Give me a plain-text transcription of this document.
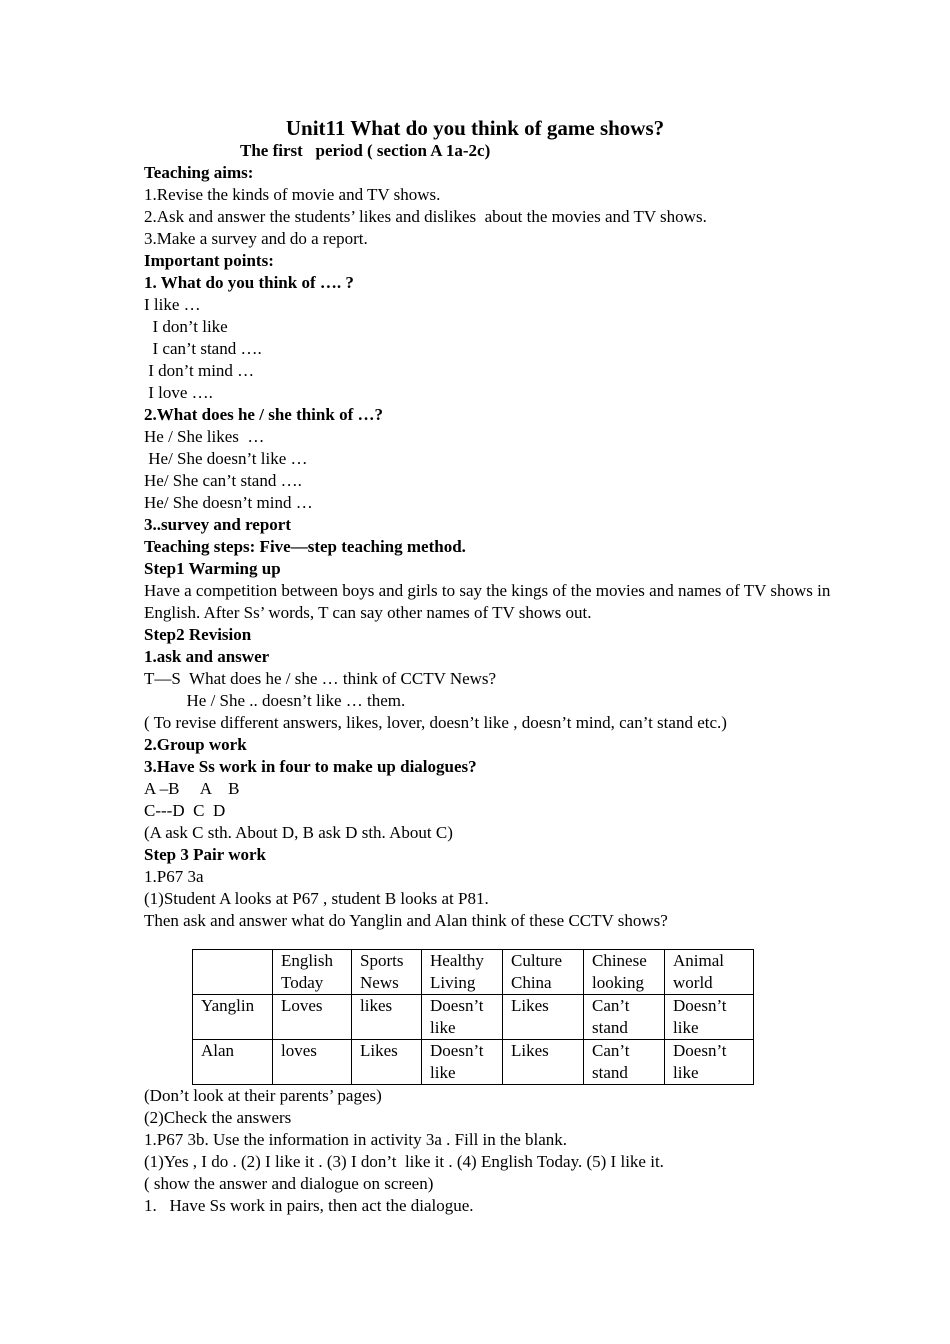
Unit11 What do you think of game shows?
The first   period ( section A 1a-2c)
Teaching aims:
1.Revise the kinds of movie and TV shows.
2.Ask and answer the students’ likes and dislikes  about the movies and TV shows.
3.Make a survey and do a report.
Important points:
1. What do you think of …. ?
I like …
I don’t like
I can’t stand ….
I don’t mind …
I love ….
2.What does he / she think of …?
He / She likes  …
He/ She doesn’t like …
He/ She can’t stand ….
He/ She doesn’t mind …
3..survey and report
Teaching steps: Five—step teaching method.
Step1 Warming up
Have a competition between boys and girls to say the kings of the movies and names of TV shows in English. After Ss’ words, T can say other names of TV shows out.
Step2 Revision
1.ask and answer
T—S  What does he / she … think of CCTV News?
He / She .. doesn’t like … them.
( To revise different answers, likes, lover, doesn’t like , doesn’t mind, can’t stand etc.)
2.Group work
3.Have Ss work in four to make up dialogues?
A –B     A    B
C---D  C  D
(A ask C sth. About D, B ask D sth. About C)
Step 3 Pair work
1.P67 3a
(1)Student A looks at P67 , student B looks at P81.
Then ask and answer what do Yanglin and Alan think of these CCTV shows?
	English Today	Sports News	Healthy Living	Culture China	Chinese looking	Animal world
Yanglin	Loves	likes	Doesn’t like	Likes	Can’t stand	Doesn’t like
Alan	loves	Likes	Doesn’t like	Likes	Can’t stand	Doesn’t like
(Don’t look at their parents’ pages)
(2)Check the answers
1.P67 3b. Use the information in activity 3a . Fill in the blank.
(1)Yes , I do . (2) I like it . (3) I don’t  like it . (4) English Today. (5) I like it.
( show the answer and dialogue on screen)
1.   Have Ss work in pairs, then act the dialogue.
